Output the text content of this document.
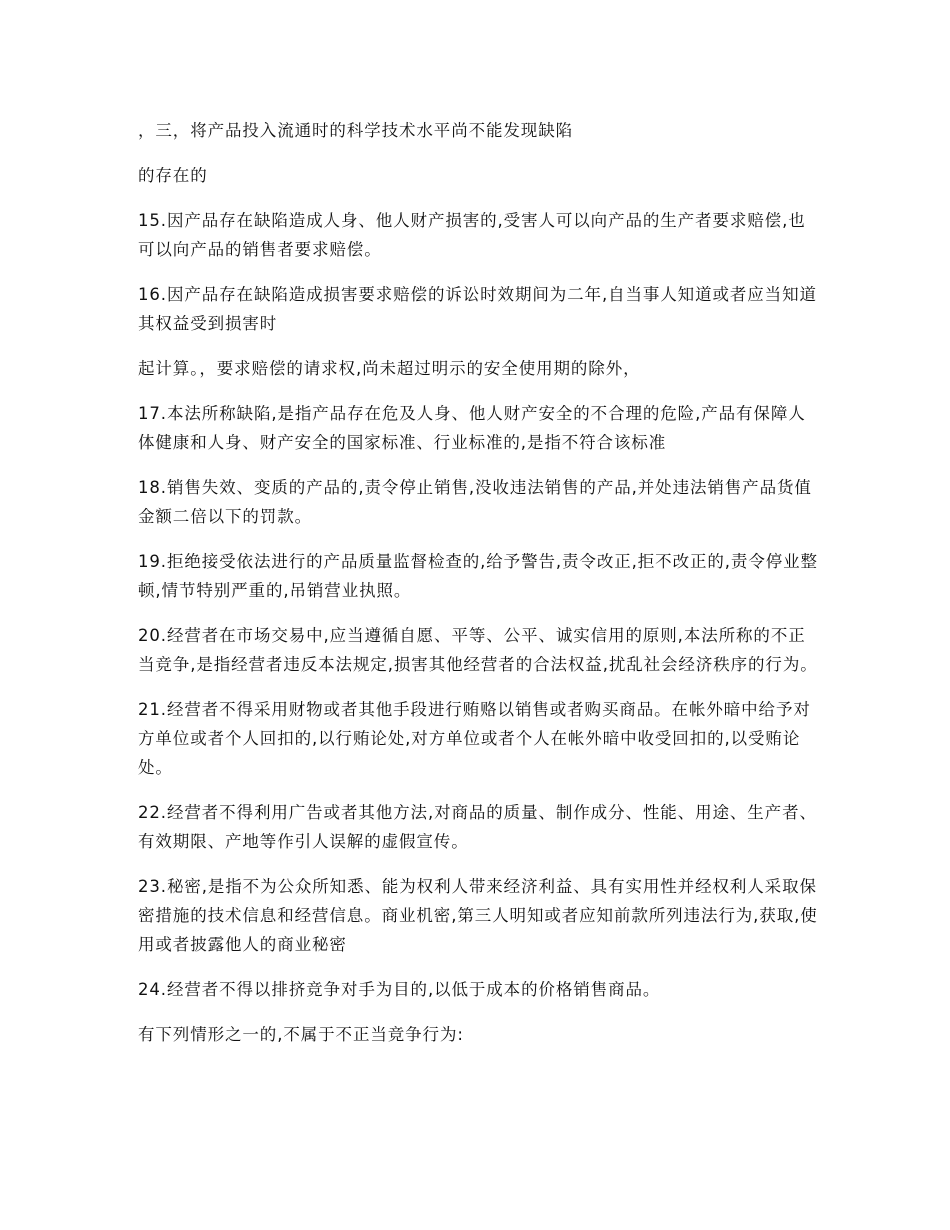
，三，将产品投入流通时的科学技术水平尚不能发现缺陷

的存在的

15.因产品存在缺陷造成人身、他人财产损害的,受害人可以向产品的生产者要求赔偿,也可以向产品的销售者要求赔偿。

16.因产品存在缺陷造成损害要求赔偿的诉讼时效期间为二年,自当事人知道或者应当知道其权益受到损害时

起计算。，要求赔偿的请求权,尚未超过明示的安全使用期的除外，

17.本法所称缺陷,是指产品存在危及人身、他人财产安全的不合理的危险,产品有保障人体健康和人身、财产安全的国家标准、行业标准的,是指不符合该标准

18.销售失效、变质的产品的,责令停止销售,没收违法销售的产品,并处违法销售产品货值金额二倍以下的罚款。

19.拒绝接受依法进行的产品质量监督检查的,给予警告,责令改正,拒不改正的,责令停业整顿,情节特别严重的,吊销营业执照。

20.经营者在市场交易中,应当遵循自愿、平等、公平、诚实信用的原则,本法所称的不正当竞争,是指经营者违反本法规定,损害其他经营者的合法权益,扰乱社会经济秩序的行为。

21.经营者不得采用财物或者其他手段进行贿赂以销售或者购买商品。在帐外暗中给予对方单位或者个人回扣的,以行贿论处,对方单位或者个人在帐外暗中收受回扣的,以受贿论处。

22.经营者不得利用广告或者其他方法,对商品的质量、制作成分、性能、用途、生产者、有效期限、产地等作引人误解的虚假宣传。

23.秘密,是指不为公众所知悉、能为权利人带来经济利益、具有实用性并经权利人采取保密措施的技术信息和经营信息。商业机密,第三人明知或者应知前款所列违法行为,获取,使用或者披露他人的商业秘密

24.经营者不得以排挤竞争对手为目的,以低于成本的价格销售商品。

有下列情形之一的,不属于不正当竞争行为:
